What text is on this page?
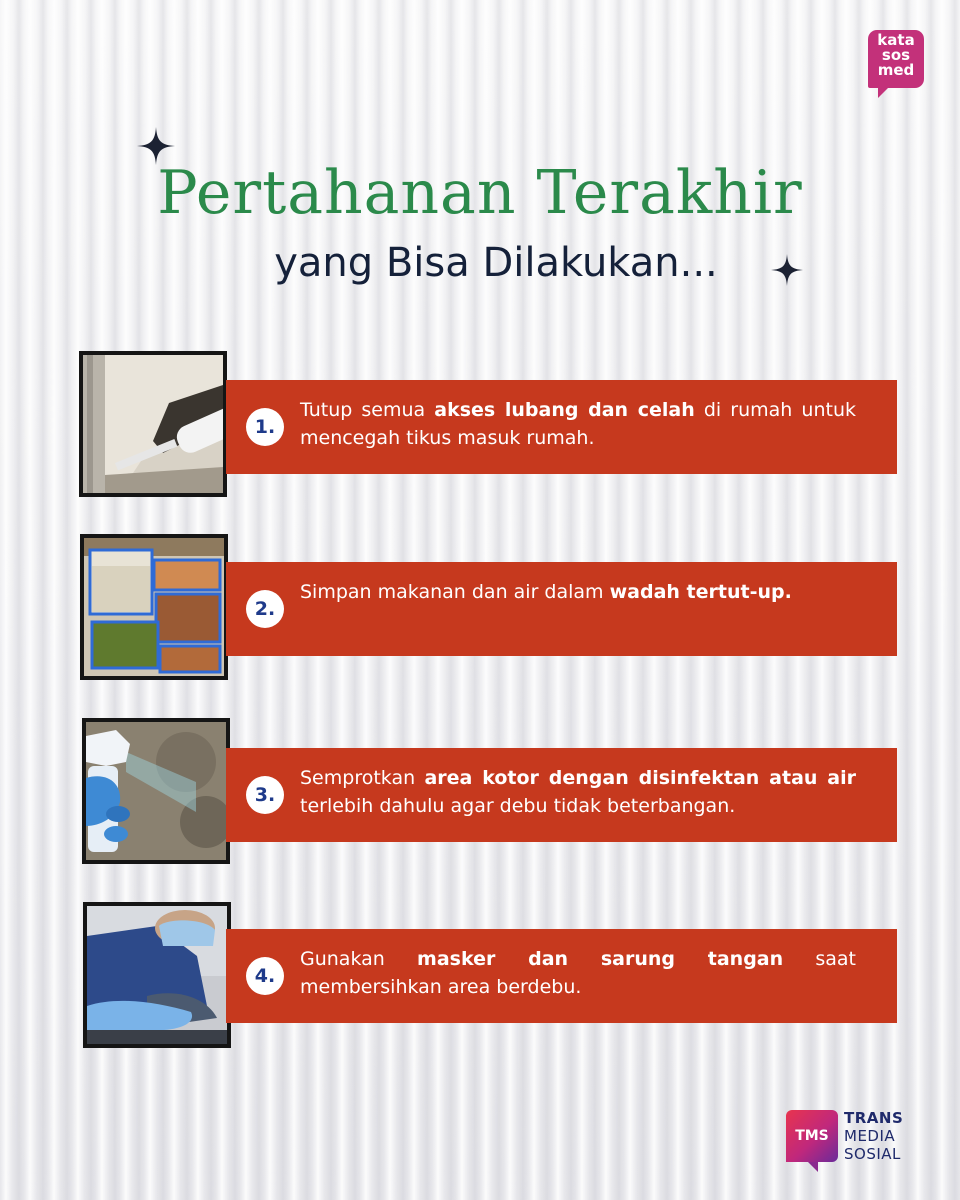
kata
sos
med
Pertahanan Terakhir
yang Bisa Dilakukan...
1.
Tutup semua akses lubang dan celah di rumah untuk mencegah tikus masuk rumah.
2.
Simpan makanan dan air dalam wadah tertut-up.
3.
Semprotkan area kotor dengan disinfektan atau air terlebih dahulu agar debu tidak beterbangan.
4.
Gunakan masker dan sarung tangan saat membersihkan area berdebu.
TMS
TRANS
MEDIA
SOSIAL
